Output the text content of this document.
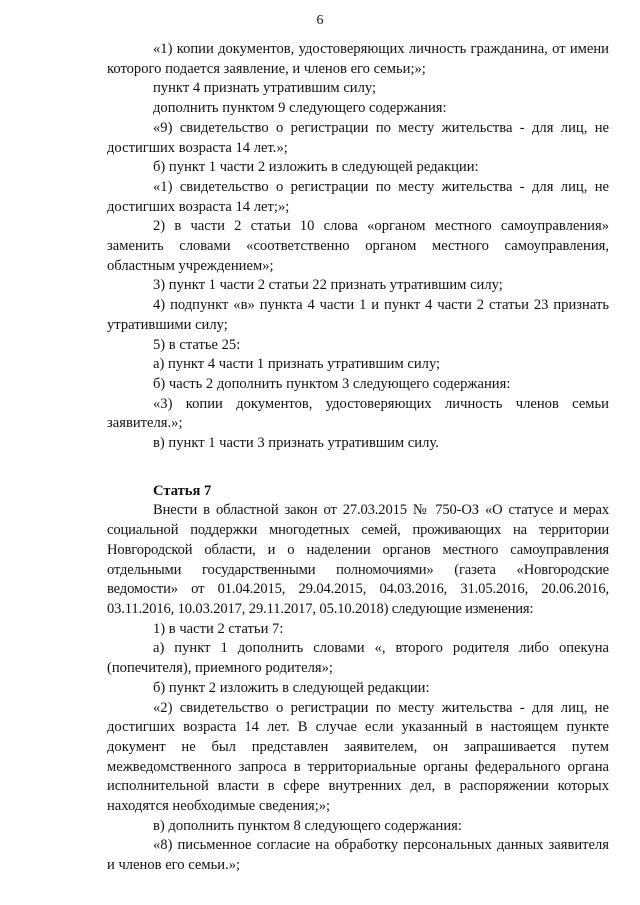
6

«1) копии документов, удостоверяющих личность гражданина, от имени которого подается заявление, и членов его семьи;»;

пункт 4 признать утратившим силу;

дополнить пунктом 9 следующего содержания:

«9) свидетельство о регистрации по месту жительства - для лиц, не достигших возраста 14 лет.»;

б) пункт 1 части 2 изложить в следующей редакции:

«1) свидетельство о регистрации по месту жительства - для лиц, не достигших возраста 14 лет;»;

2) в части 2 статьи 10 слова «органом местного самоуправления» заменить словами «соответственно органом местного самоуправления, областным учреждением»;

3) пункт 1 части 2 статьи 22 признать утратившим силу;

4) подпункт «в» пункта 4 части 1 и пункт 4 части 2 статьи 23 признать утратившими силу;

5) в статье 25:

а) пункт 4 части 1 признать утратившим силу;

б) часть 2 дополнить пунктом 3 следующего содержания:

«3) копии документов, удостоверяющих личность членов семьи заявителя.»;

в) пункт 1 части 3 признать утратившим силу.

Статья 7

Внести в областной закон от 27.03.2015 № 750-ОЗ «О статусе и мерах социальной поддержки многодетных семей, проживающих на территории Новгородской области, и о наделении органов местного самоуправления отдельными государственными полномочиями» (газета «Новгородские ведомости» от 01.04.2015, 29.04.2015, 04.03.2016, 31.05.2016, 20.06.2016, 03.11.2016, 10.03.2017, 29.11.2017, 05.10.2018) следующие изменения:

1) в части 2 статьи 7:

а) пункт 1 дополнить словами «, второго родителя либо опекуна (попечителя), приемного родителя»;

б) пункт 2 изложить в следующей редакции:

«2) свидетельство о регистрации по месту жительства - для лиц, не достигших возраста 14 лет. В случае если указанный в настоящем пункте документ не был представлен заявителем, он запрашивается путем межведомственного запроса в территориальные органы федерального органа исполнительной власти в сфере внутренних дел, в распоряжении которых находятся необходимые сведения;»;

в) дополнить пунктом 8 следующего содержания:

«8) письменное согласие на обработку персональных данных заявителя и членов его семьи.»;
